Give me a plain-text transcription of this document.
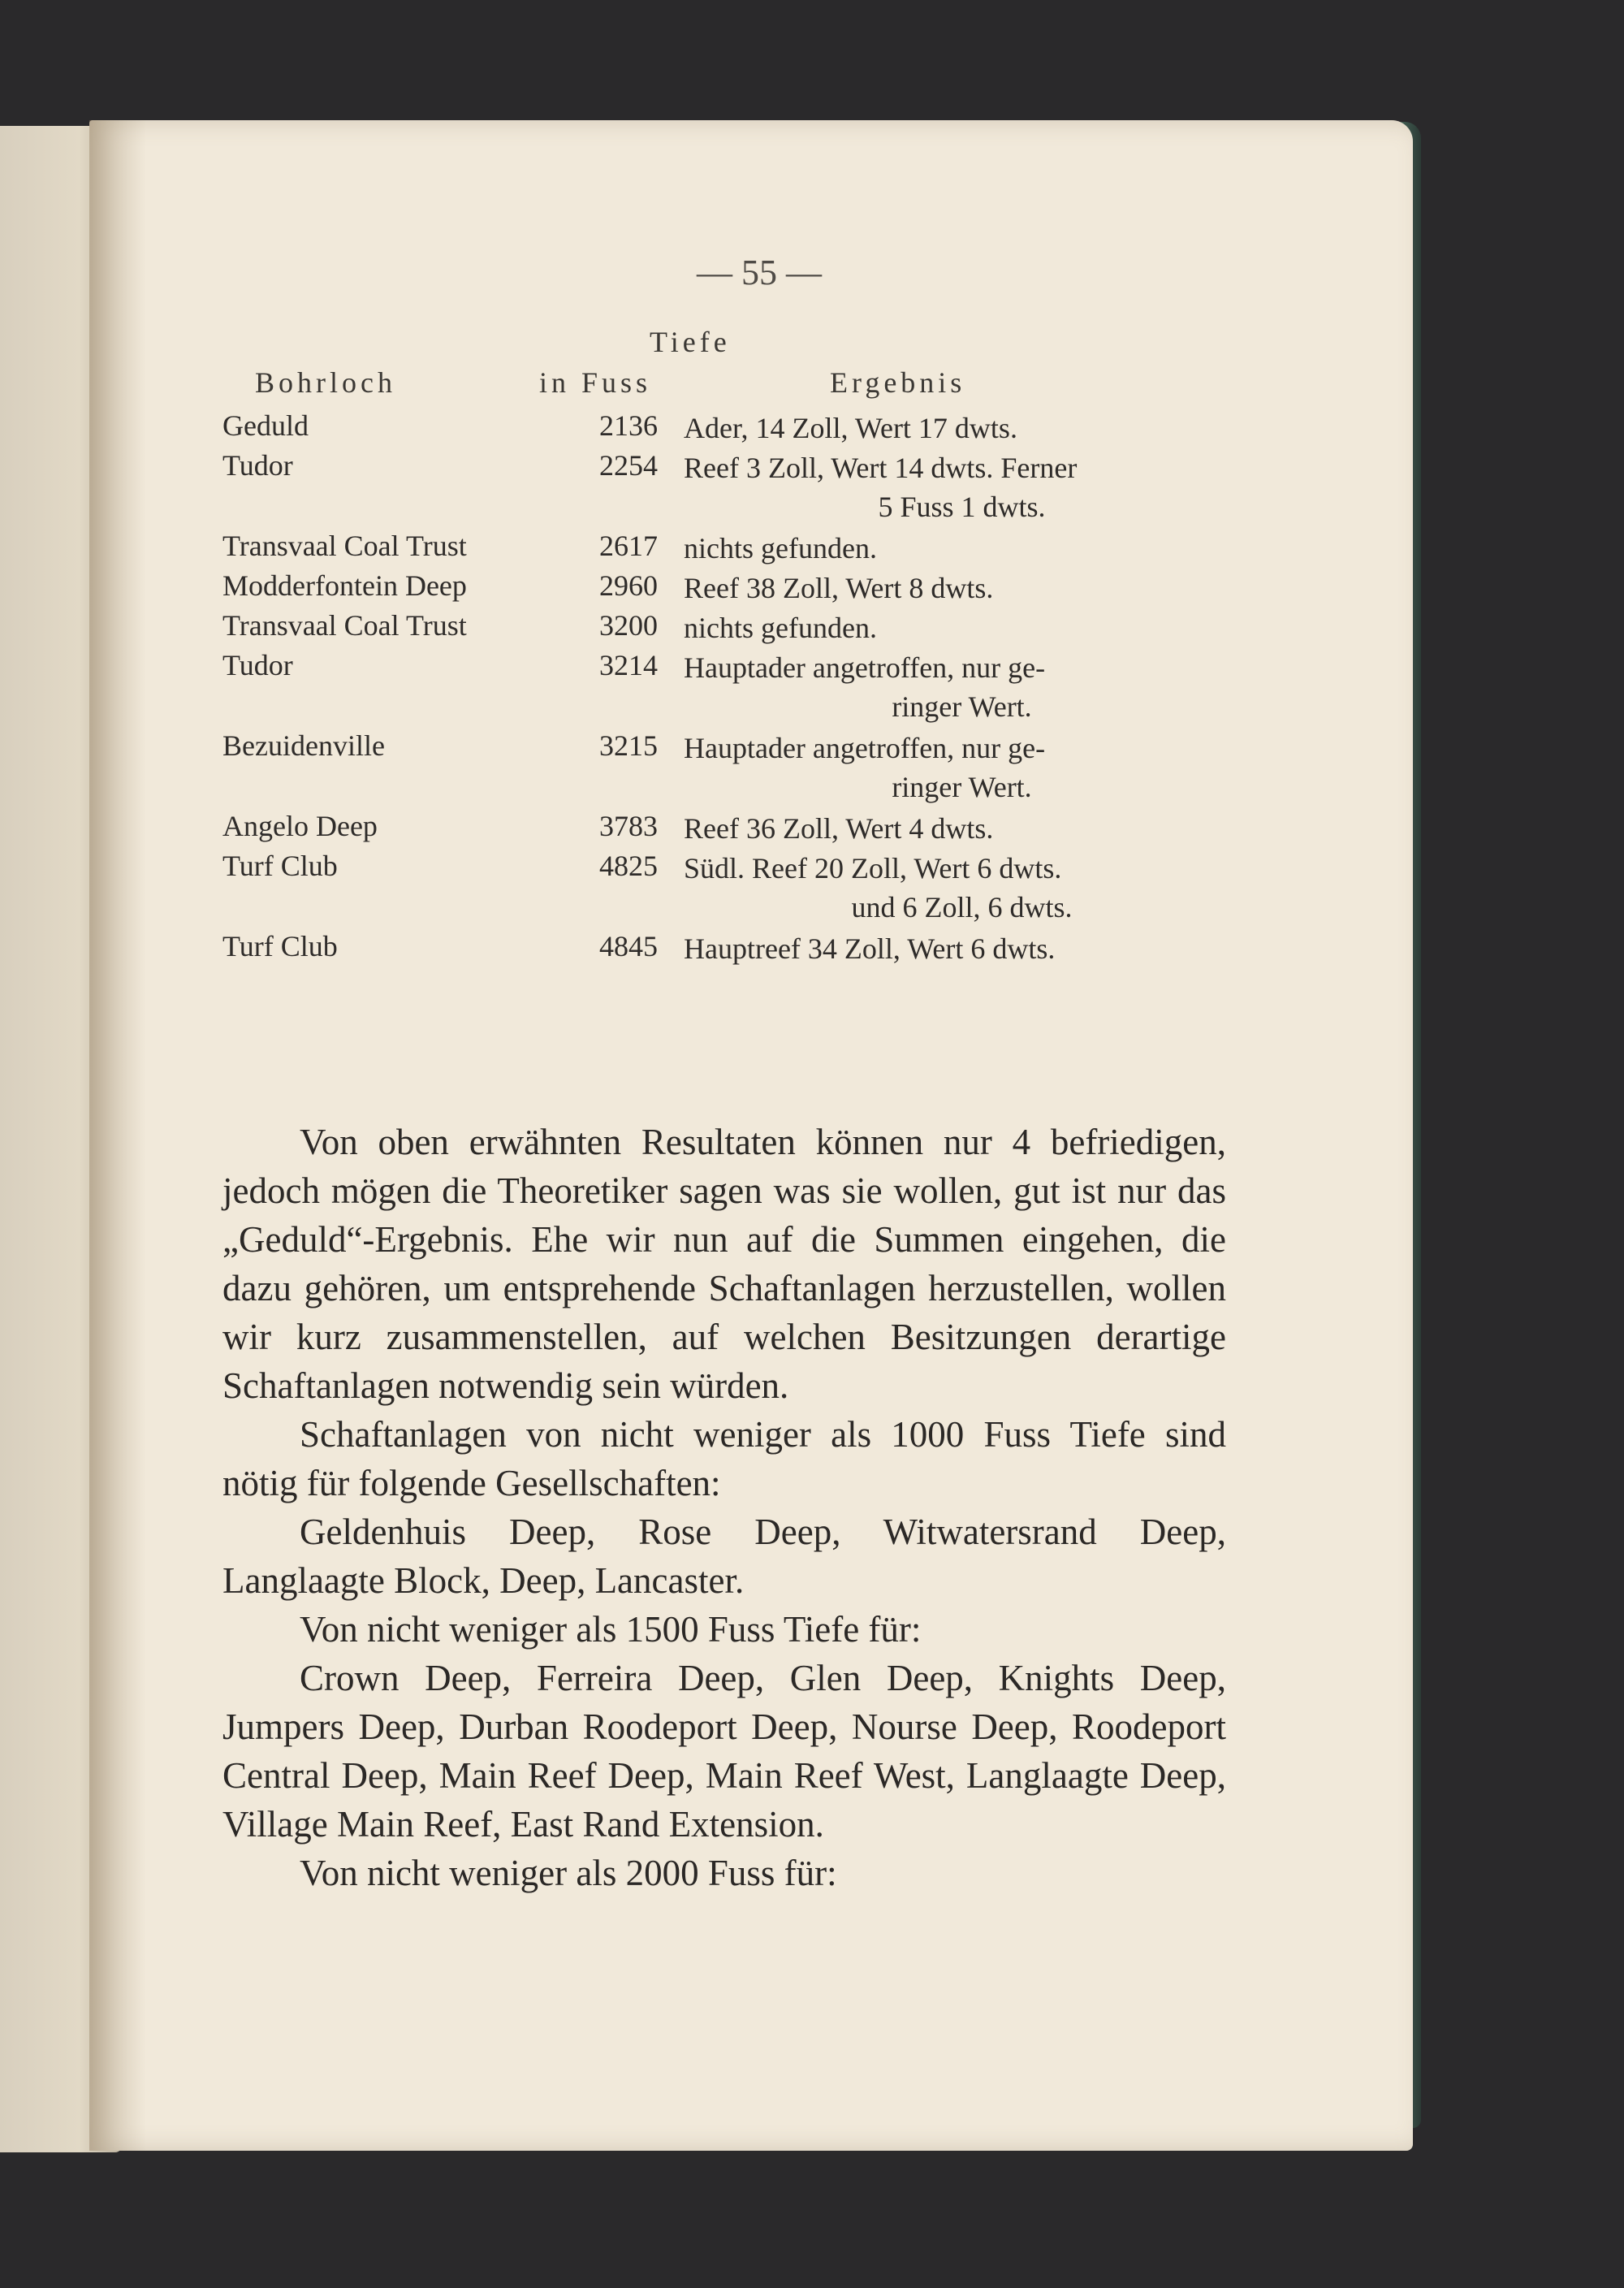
— 55 —
Tiefe
Bohrloch	in Fuss	Ergebnis
Geduld	2136 Ader, 14 Zoll, Wert 17 dwts.
Tudor	2254 Reef 3 Zoll, Wert 14 dwts. Ferner
5 Fuss 1 dwts.
Transvaal Coal Trust	2617 nichts gefunden.
Modderfontein Deep	2960 Reef 38 Zoll, Wert 8 dwts.
Transvaal Coal Trust	3200 nichts gefunden.
Tudor	3214 Hauptader angetroffen, nur ge-
ringer Wert.
Bezuidenville	3215 Hauptader angetroffen, nur ge-
ringer Wert.
Angelo Deep	3783 Reef 36 Zoll, Wert 4 dwts.
Turf Club	4825 Südl. Reef 20 Zoll, Wert 6 dwts.
und 6 Zoll, 6 dwts.
Turf Club	4845 Hauptreef 34 Zoll, Wert 6 dwts.

Von oben erwähnten Resultaten können nur 4 befriedigen, jedoch mögen die Theoretiker sagen was sie wollen, gut ist nur das „Geduld“-Ergebnis. Ehe wir nun auf die Summen eingehen, die dazu gehören, um entsprehende Schaftanlagen herzustellen, wollen wir kurz zusammenstellen, auf welchen Besitzungen derartige Schaftanlagen notwendig sein würden.

Schaftanlagen von nicht weniger als 1000 Fuss Tiefe sind nötig für folgende Gesellschaften:

Geldenhuis Deep, Rose Deep, Witwatersrand Deep, Langlaagte Block, Deep, Lancaster.

Von nicht weniger als 1500 Fuss Tiefe für:

Crown Deep, Ferreira Deep, Glen Deep, Knights Deep, Jumpers Deep, Durban Roodeport Deep, Nourse Deep, Roodeport Central Deep, Main Reef Deep, Main Reef West, Langlaagte Deep, Village Main Reef, East Rand Extension.

Von nicht weniger als 2000 Fuss für:
